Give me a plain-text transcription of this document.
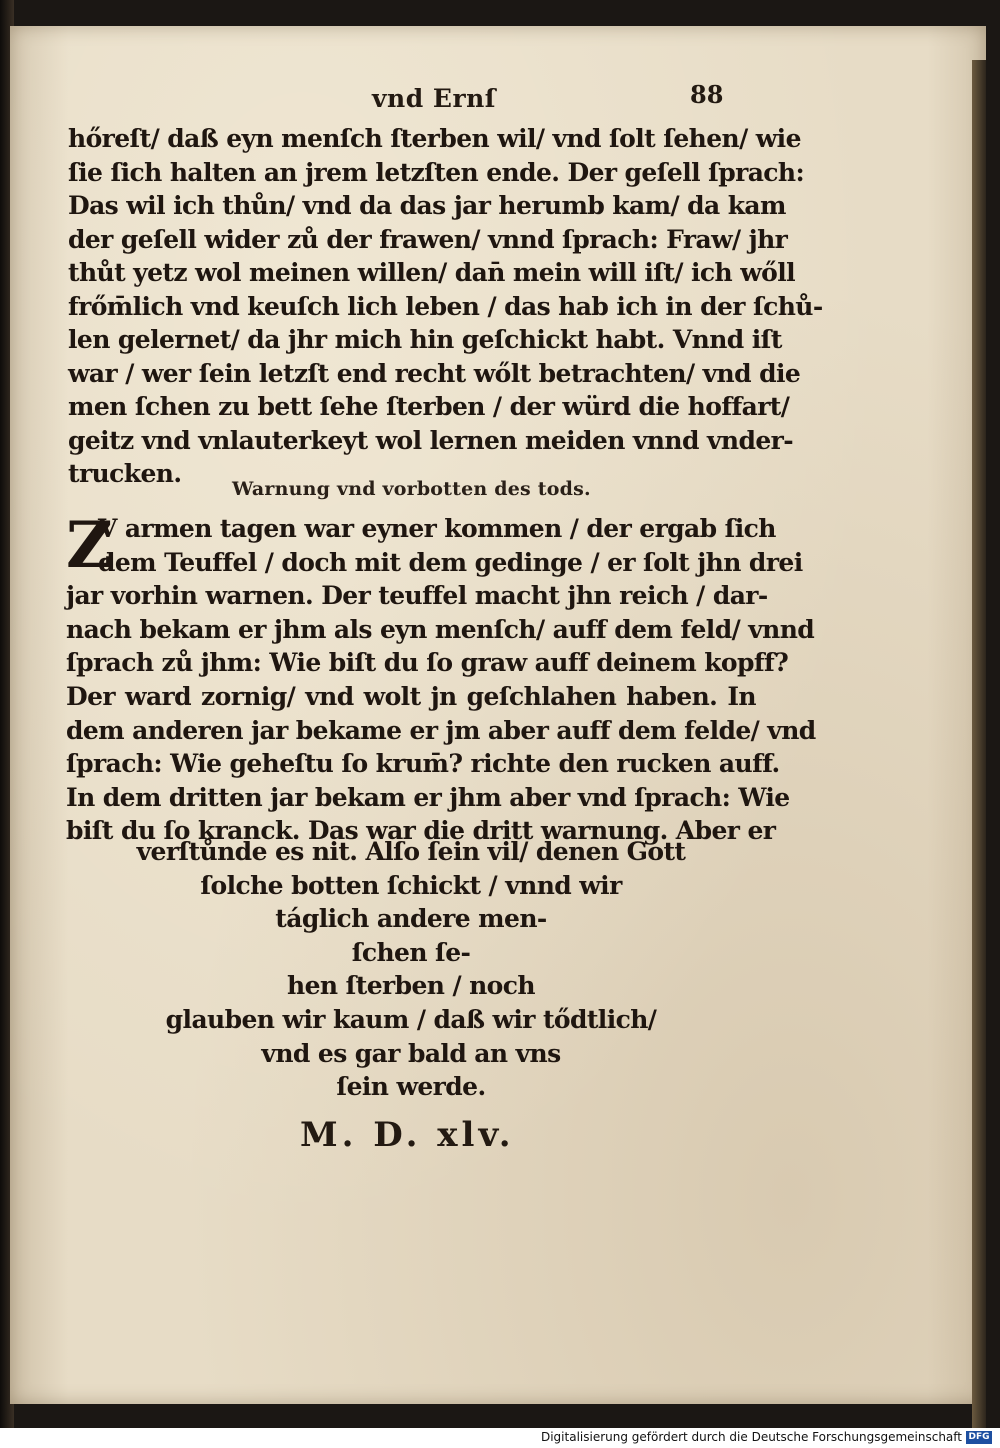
vnd Ernſ	88
hőreſt/ daß eyn menſch ſterben wil/ vnd ſolt ſehen/ wie
ſie ſich halten an jrem letzſten ende. Der geſell ſprach:
Das wil ich thůn/ vnd da das jar herumb kam/ da kam
der geſell wider zů der frawen/ vnnd ſprach: Fraw/ jhr
thůt yetz wol meinen willen/ dan̄ mein will iſt/ ich wőll
frőm̄lich vnd keuſch lich leben / das hab ich in der ſchů-
len gelernet/ da jhr mich hin geſchickt habt. Vnnd iſt
war / wer ſein letzſt end recht wőlt betrachten/ vnd die
men ſchen zu bett ſehe ſterben / der würd die hoffart/
geitz vnd vnlauterkeyt wol lernen meiden vnnd vnder-
trucken.
Warnung vnd vorbotten des tods.
Z
V armen tagen war eyner kommen / der ergab ſich
dem Teuffel / doch mit dem gedinge / er ſolt jhn drei
jar vorhin warnen. Der teuffel macht jhn reich / dar-
nach bekam er jhm als eyn menſch/ auff dem feld/ vnnd
ſprach zů jhm: Wie biſt du ſo graw auff deinem kopff?
Der ward zornig/ vnd wolt jn geſchlahen haben. In
dem anderen jar bekame er jm aber auff dem felde/ vnd
ſprach: Wie geheſtu ſo krum̄? richte den rucken auff.
In dem dritten jar bekam er jhm aber vnd ſprach: Wie
biſt du ſo kranck. Das war die dritt warnung. Aber er
verſtůnde es nit. Alſo ſein vil/ denen Gott
ſolche botten ſchickt / vnnd wir
táglich andere men-
ſchen ſe-
hen ſterben / noch
glauben wir kaum / daß wir tődtlich/
vnd es gar bald an vns
ſein werde.
M. D. xlv.
Digitalisierung gefördert durch die Deutsche Forschungsgemeinschaft DFG
